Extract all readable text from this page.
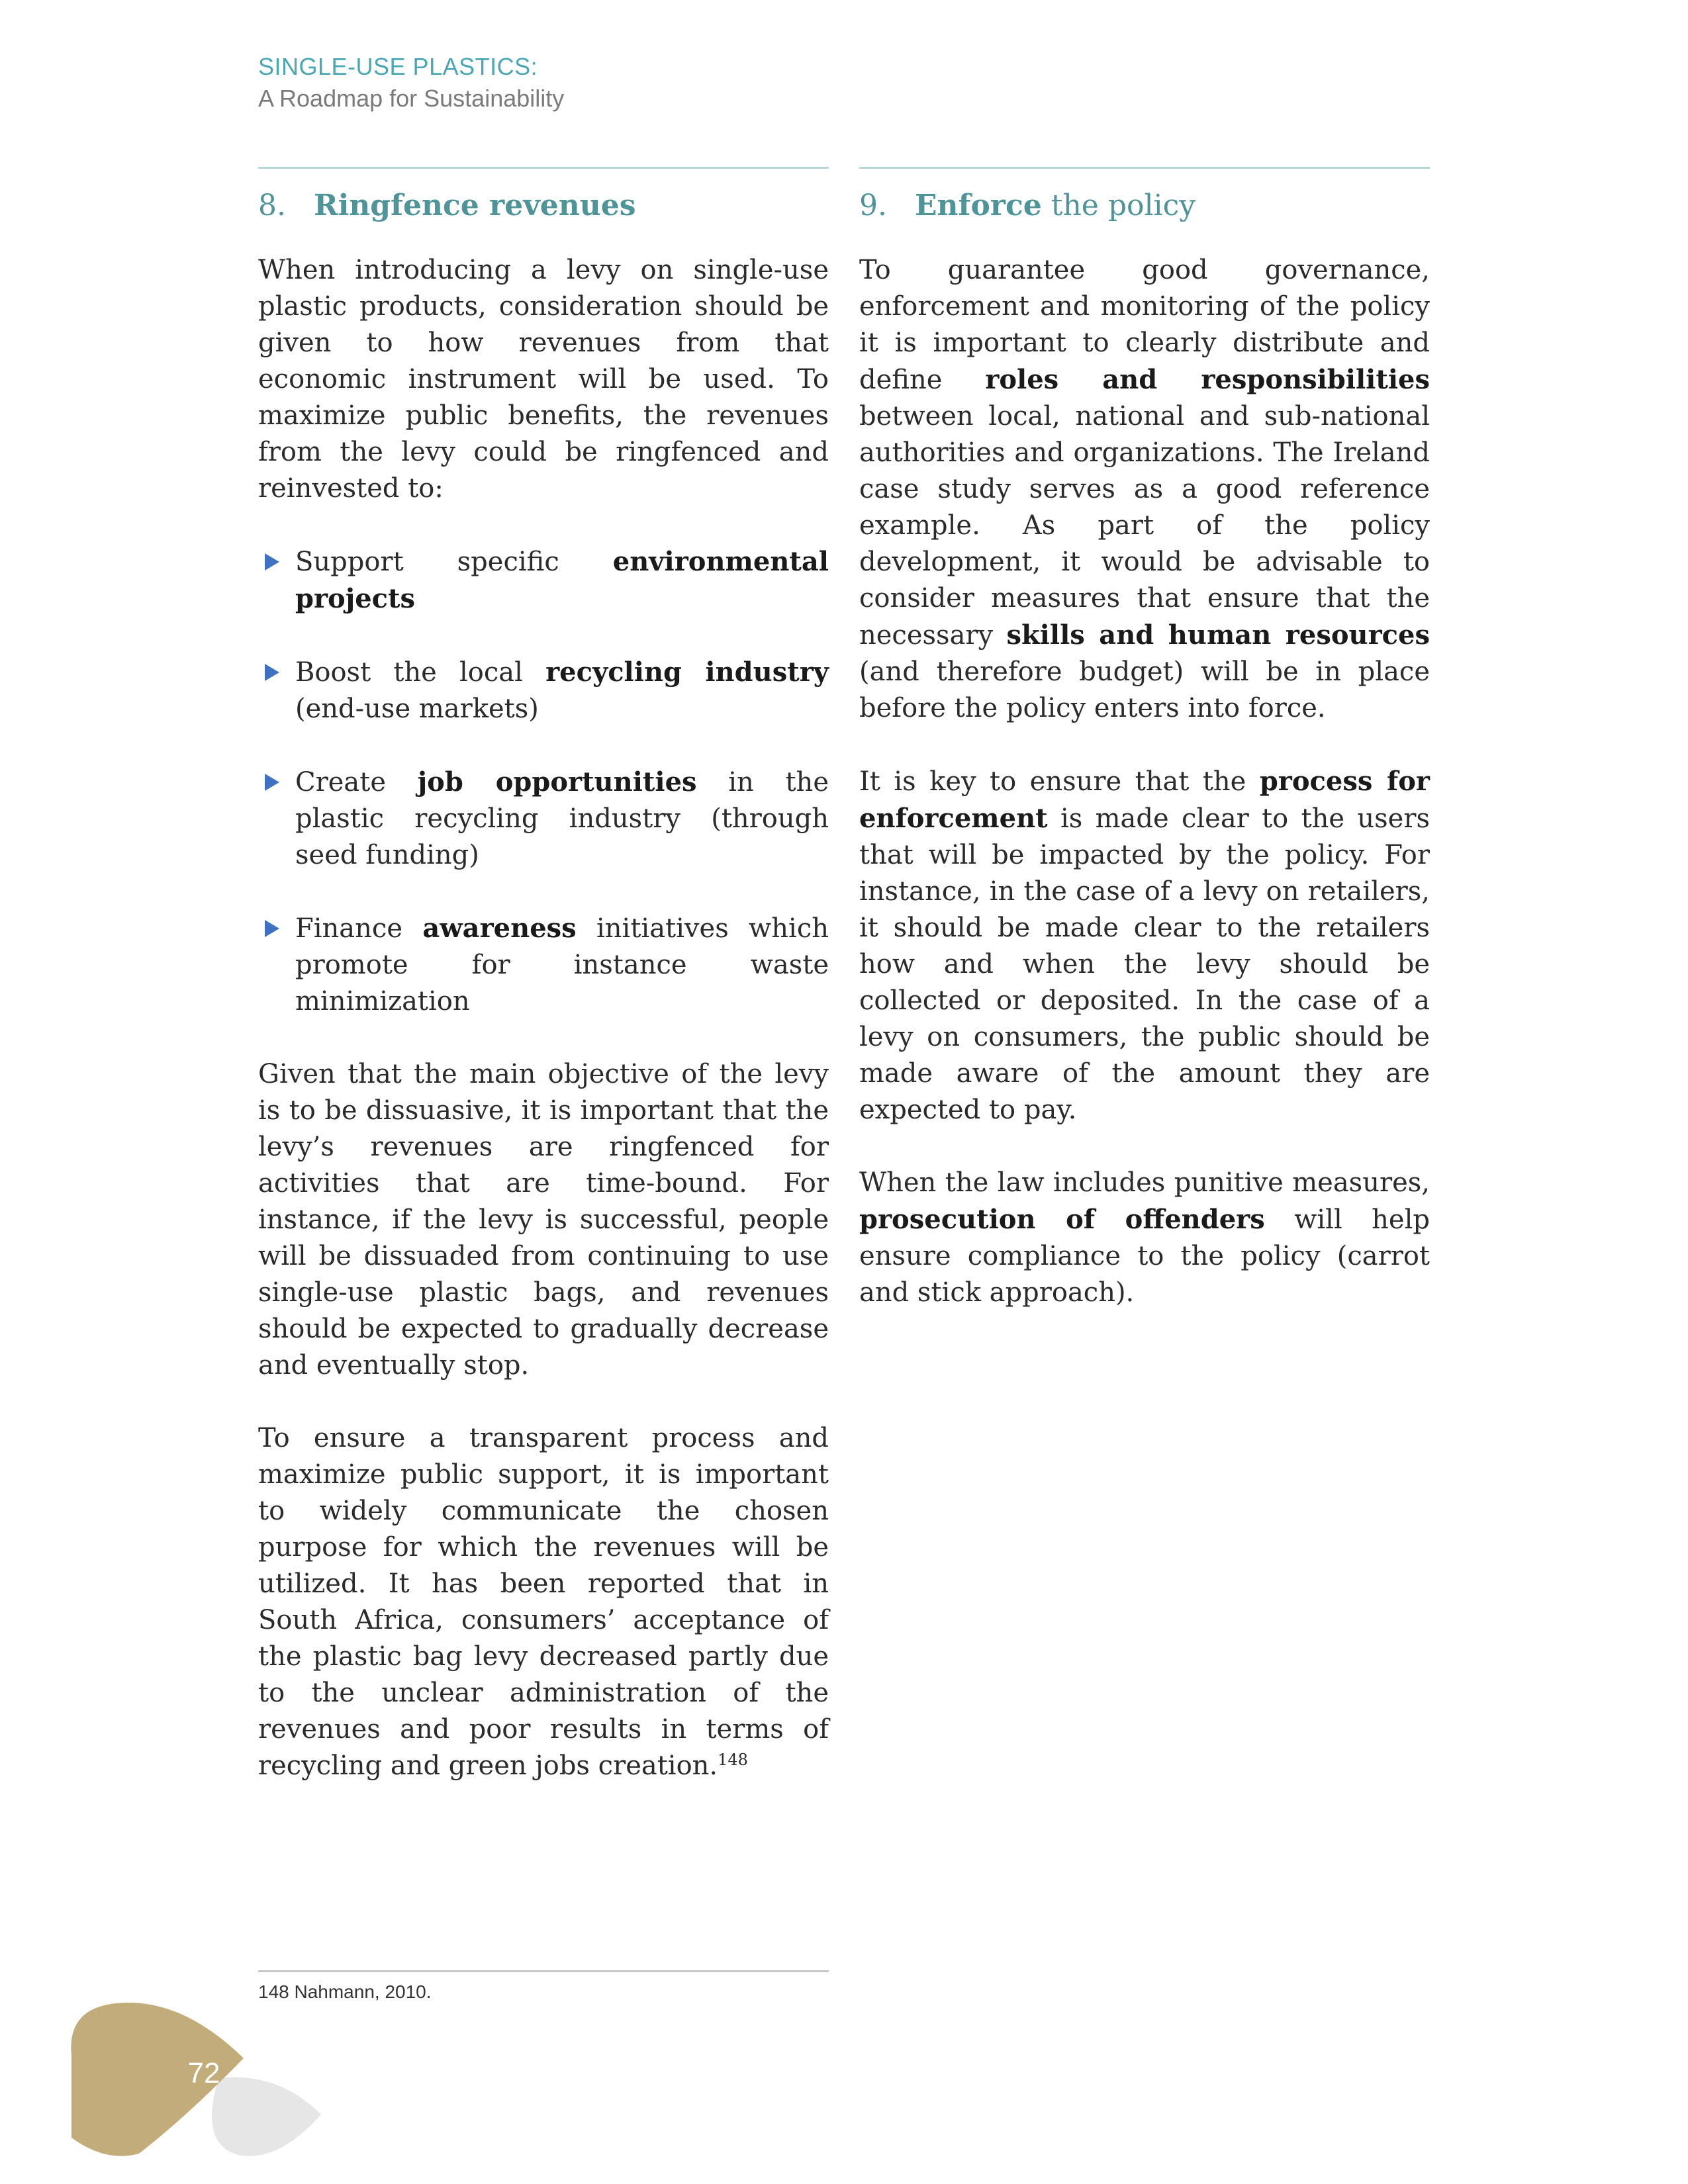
SINGLE-USE PLASTICS:
A Roadmap for Sustainability
8. Ringfence revenues

When introducing a levy on single-use plastic products, consideration should be given to how revenues from that economic instrument will be used. To maximize public benefits, the revenues from the levy could be ringfenced and reinvested to:

Support specific environmental projects
Boost the local recycling industry (end-use markets)
Create job opportunities in the plastic recycling industry (through seed funding)
Finance awareness initiatives which promote for instance waste minimization

Given that the main objective of the levy is to be dissuasive, it is important that the levy’s revenues are ringfenced for activities that are time-bound. For instance, if the levy is successful, people will be dissuaded from continuing to use single-use plastic bags, and revenues should be expected to gradually decrease and eventually stop.

To ensure a transparent process and maximize public support, it is important to widely communicate the chosen purpose for which the revenues will be utilized. It has been reported that in South Africa, consumers’ acceptance of the plastic bag levy decreased partly due to the unclear administration of the revenues and poor results in terms of recycling and green jobs creation.$^{148}$

9. Enforce the policy

To guarantee good governance, enforcement and monitoring of the policy it is important to clearly distribute and define roles and responsibilities between local, national and sub-national authorities and organizations. The Ireland case study serves as a good reference example. As part of the policy development, it would be advisable to consider measures that ensure that the necessary skills and human resources (and therefore budget) will be in place before the policy enters into force.

It is key to ensure that the process for enforcement is made clear to the users that will be impacted by the policy. For instance, in the case of a levy on retailers, it should be made clear to the retailers how and when the levy should be collected or deposited. In the case of a levy on consumers, the public should be made aware of the amount they are expected to pay.

When the law includes punitive measures, prosecution of offenders will help ensure compliance to the policy (carrot and stick approach).

148 Nahmann, 2010.
72
